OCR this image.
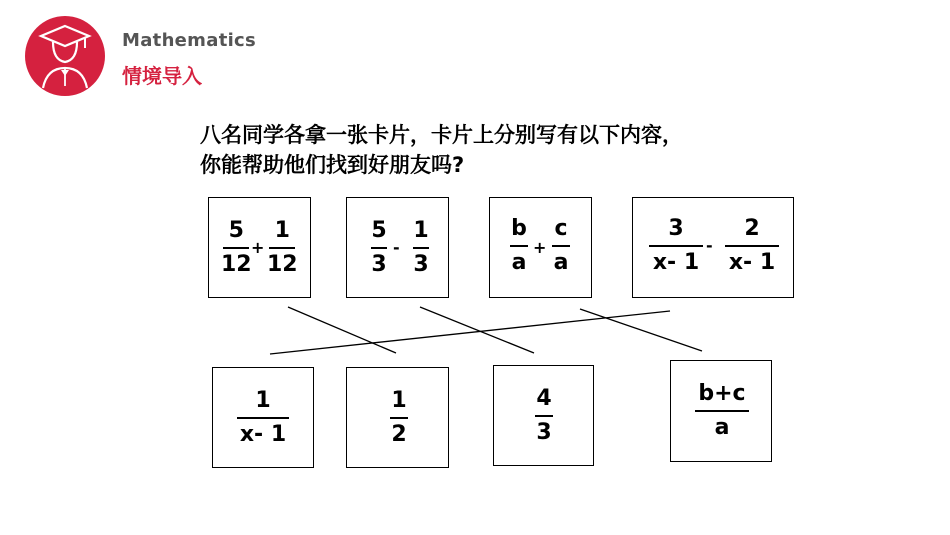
Mathematics
情境导入
八名同学各拿一张卡片，卡片上分别写有以下内容，
你能帮助他们找到好朋友吗?
5
12
+
1
12
5
3
-
1
3
b
a
+
c
a
3
x- 1
-
2
x- 1
1
x- 1
1
2
4
3
b+c
a
